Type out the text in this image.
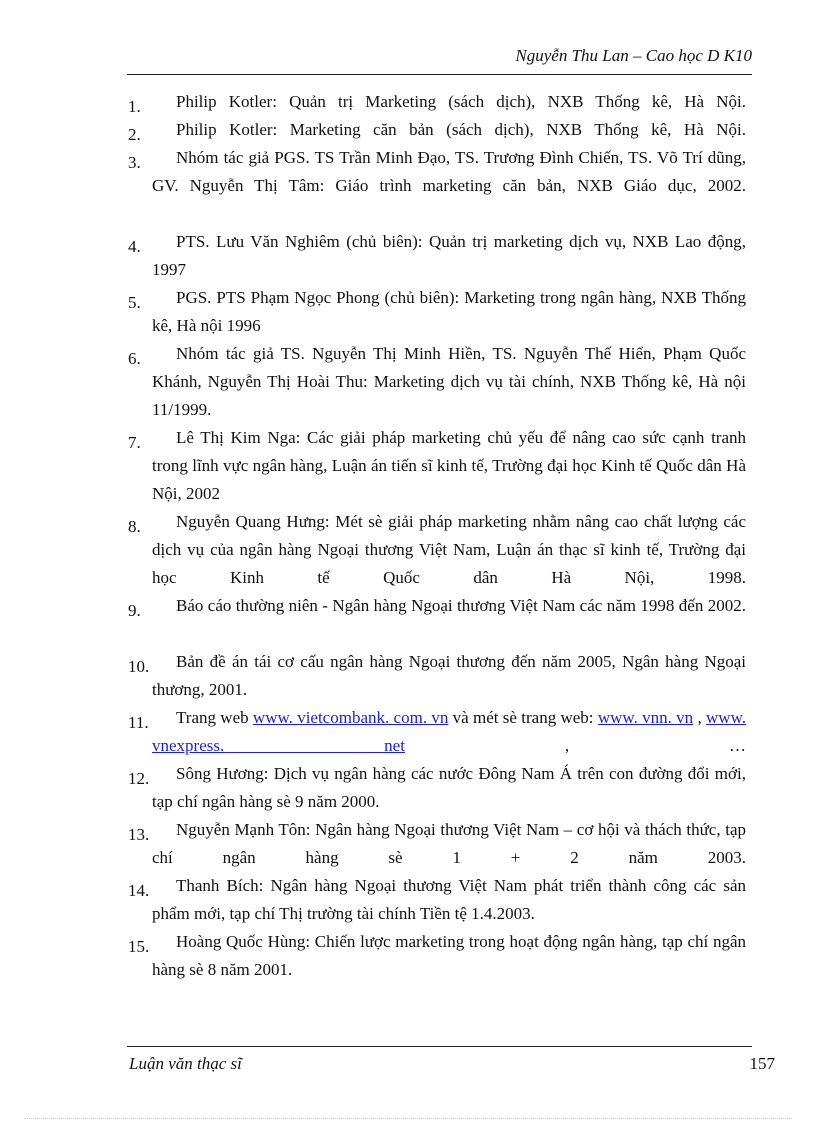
Nguyễn Thu Lan – Cao học D K10
1.	Philip Kotler: Quản trị Marketing (sách dịch), NXB Thống kê, Hà Nội.
2.	Philip Kotler: Marketing căn bản (sách dịch), NXB Thống kê, Hà Nội.
3.	Nhóm tác giả PGS. TS Trần Minh Đạo, TS. Trương Đình Chiến, TS. Võ Trí dũng, GV. Nguyễn Thị Tâm: Giáo trình marketing căn bản, NXB Giáo dục, 2002.
4.	PTS. Lưu Văn Nghiêm (chủ biên): Quản trị marketing dịch vụ, NXB Lao động, 1997
5.	PGS. PTS Phạm Ngọc Phong (chủ biên): Marketing trong ngân hàng, NXB Thống kê, Hà nội 1996
6.	Nhóm tác giả TS. Nguyễn Thị Minh Hiền, TS. Nguyễn Thế Hiển, Phạm Quốc Khánh, Nguyễn Thị Hoài Thu: Marketing dịch vụ tài chính, NXB Thống kê, Hà nội 11/1999.
7.	Lê Thị Kim Nga: Các giải pháp marketing chủ yếu để nâng cao sức cạnh tranh trong lĩnh vực ngân hàng, Luận án tiến sĩ kinh tế, Trường đại học Kinh tế Quốc dân Hà Nội, 2002
8.	Nguyễn Quang Hưng: Mét sè giải pháp marketing nhằm nâng cao chất lượng các dịch vụ của ngân hàng Ngoại thương Việt Nam, Luận án thạc sĩ kinh tế, Trường đại học Kinh tế Quốc dân Hà Nội, 1998.
9.	Báo cáo thường niên - Ngân hàng Ngoại thương Việt Nam các năm 1998 đến 2002.
10.	Bản đề án tái cơ cấu ngân hàng Ngoại thương đến năm 2005, Ngân hàng Ngoại thương, 2001.
11.	Trang web www. vietcombank. com. vn và mét sè trang web: www. vnn. vn , www. vnexpress. net , …
12.	Sông Hương: Dịch vụ ngân hàng các nước Đông Nam Á trên con đường đổi mới, tạp chí ngân hàng sè 9 năm 2000.
13.	Nguyễn Mạnh Tôn: Ngân hàng Ngoại thương Việt Nam – cơ hội và thách thức, tạp chí ngân hàng sè 1 + 2 năm 2003.
14.	Thanh Bích: Ngân hàng Ngoại thương Việt Nam phát triển thành công các sản phẩm mới, tạp chí Thị trường tài chính Tiền tệ 1.4.2003.
15.	Hoàng Quốc Hùng: Chiến lược marketing trong hoạt động ngân hàng, tạp chí ngân hàng sè 8 năm 2001.
Luận văn thạc sĩ	157
